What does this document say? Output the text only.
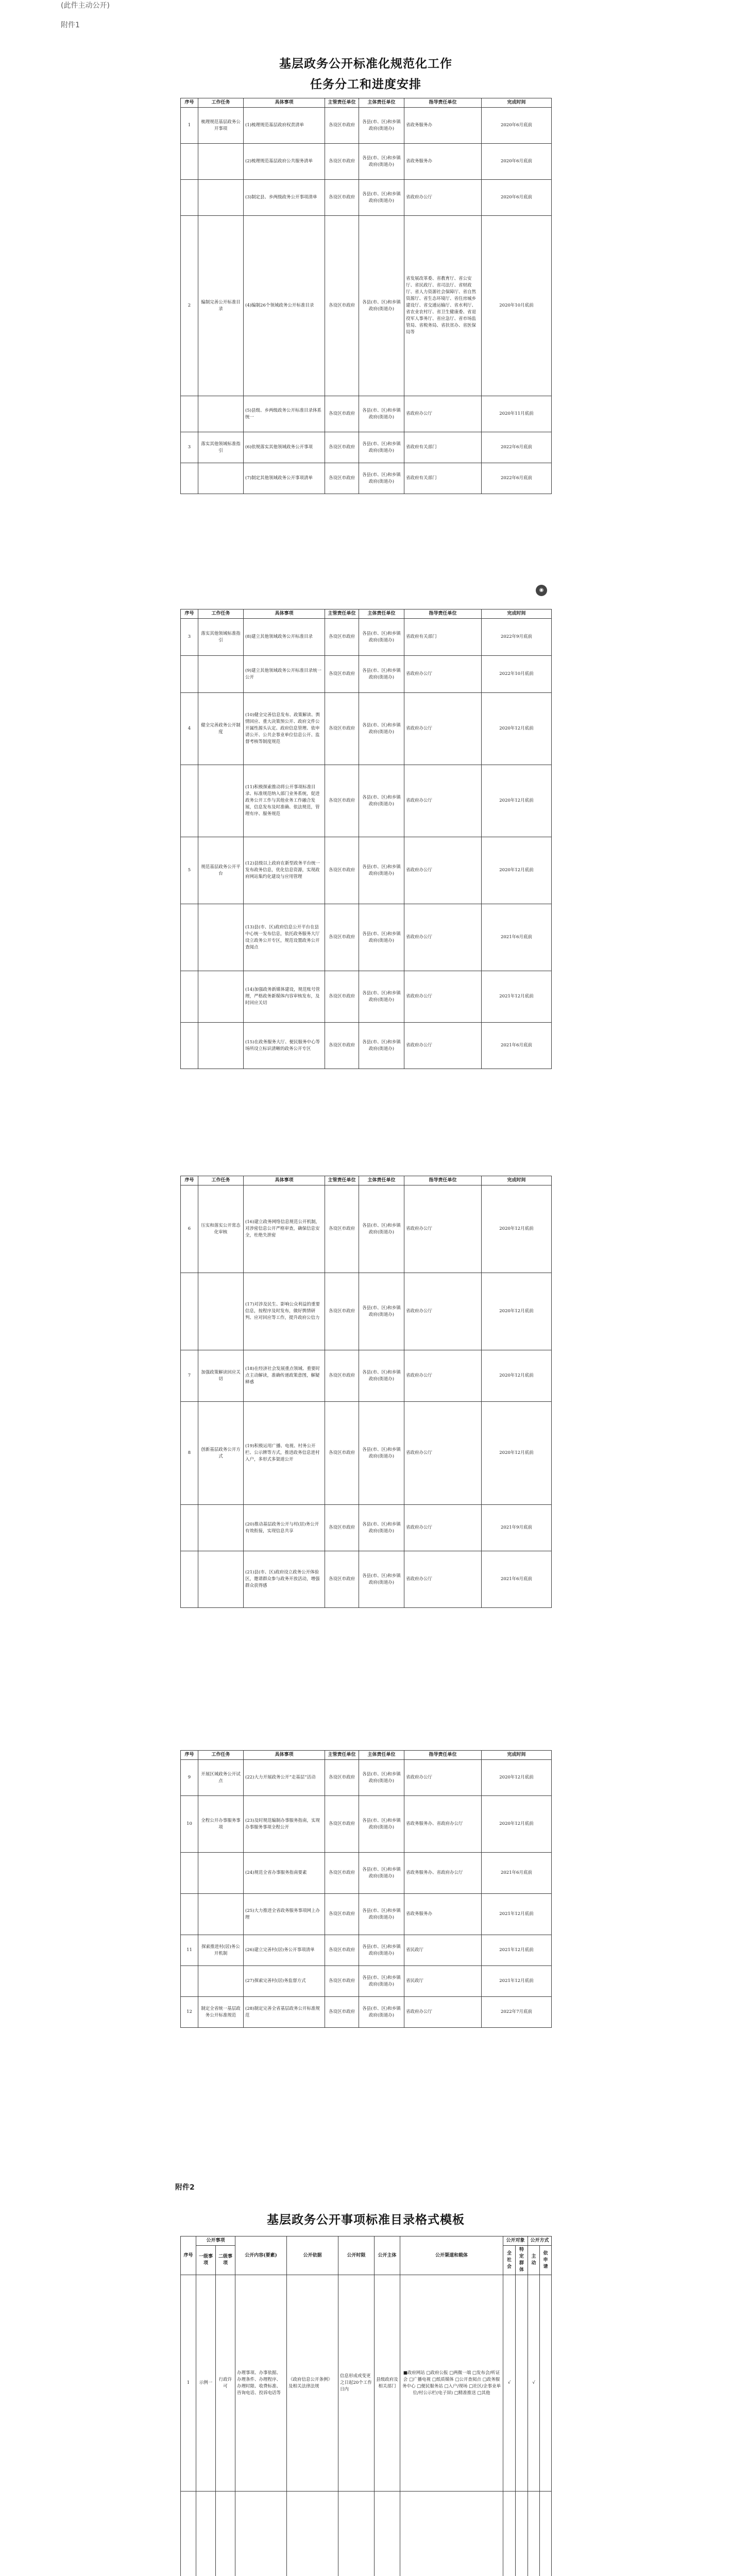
(此件主动公开)
附件1
基层政务公开标准化规范化工作
任务分工和进度安排
序号	工作任务	具体事项	主管责任单位	主体责任单位	指导责任单位	完成时间
1	梳理规范基层政务公开事项	(1)梳理规范基层政府权责清单	各设区市政府	各县(市、区)和乡镇政府(街道办)	省政务服务办	2020年6月底前
		(2)梳理规范基层政府公共服务清单	各设区市政府	各县(市、区)和乡镇政府(街道办)	省政务服务办	2020年6月底前
		(3)制定县、乡两级政务公开事项清单	各设区市政府	各县(市、区)和乡镇政府(街道办)	省政府办公厅	2020年6月底前
2	编制完善公开标准目录	(4)编制26个领域政务公开标准目录	各设区市政府	各县(市、区)和乡镇政府(街道办)	省发展改革委、省教育厅、省公安厅、省民政厅、省司法厅、省财政厅、省人力资源社会保障厅、省自然资源厅、省生态环境厅、省住房城乡建设厅、省交通运输厅、省水利厅、省农业农村厅、省卫生健康委、省退役军人事务厅、省应急厅、省市场监管局、省税务局、省扶贫办、省医保局等	2020年10月底前
		(5)县级、乡两级政务公开标准目录体系统一	各设区市政府	各县(市、区)和乡镇政府(街道办)	省政府办公厅	2020年11月底前
3	落实其他领域标准指引	(6)依规落实其他领域政务公开事项	各设区市政府	各县(市、区)和乡镇政府(街道办)	省政府有关部门	2022年6月底前
		(7)制定其他领域政务公开事项清单	各设区市政府	各县(市、区)和乡镇政府(街道办)	省政府有关部门	2022年6月底前
◉
序号	工作任务	具体事项	主管责任单位	主体责任单位	指导责任单位	完成时间
3	落实其他领域标准指引	(8)建立其他领域政务公开标准目录	各设区市政府	各县(市、区)和乡镇政府(街道办)	省政府有关部门	2022年9月底前
		(9)建立其他领域政务公开标准目录统一公开	各设区市政府	各县(市、区)和乡镇政府(街道办)	省政府办公厅	2022年10月底前
4	健全完善政务公开制度	(10)健全完善信息发布、政策解读、舆情回应、重大决策预公开、政府文件公开属性源头认定、政府信息管理、依申请公开、公共企事业单位信息公开、监督考核等制度规范	各设区市政府	各县(市、区)和乡镇政府(街道办)	省政府办公厅	2020年12月底前
		(11)积极探索推动将公开事项标准目录、标准规范纳入部门业务系统，促进政务公开工作与其他业务工作融合发展，信息发布及时准确、依法规范，管理有序、服务规范	各设区市政府	各县(市、区)和乡镇政府(街道办)	省政府办公厅	2020年12月底前
5	规范基层政务公开平台	(12)县级以上政府在新型政务平台统一发布政务信息，优化信息资源，实现政府网站集约化建设与应用管理	各设区市政府	各县(市、区)和乡镇政府(街道办)	省政府办公厅	2020年12月底前
		(13)县(市、区)政府信息公开平台在县中心统一发布信息，依托政务服务大厅设立政务公开专区，规范设置政务公开查阅点	各设区市政府	各县(市、区)和乡镇政府(街道办)	省政府办公厅	2021年6月底前
		(14)加强政务新媒体建设，规范账号管理，严格政务新媒体内容审核发布，及时回应关切	各设区市政府	各县(市、区)和乡镇政府(街道办)	省政府办公厅	2021年12月底前
		(15)在政务服务大厅、便民服务中心等场所设立标识清晰的政务公开专区	各设区市政府	各县(市、区)和乡镇政府(街道办)	省政府办公厅	2021年6月底前
序号	工作任务	具体事项	主管责任单位	主体责任单位	指导责任单位	完成时间
6	压实和落实公开常态化审核	(16)建立政务网络信息规范公开机制，对涉密信息公开严格审查，确保信息安全，杜绝失泄密	各设区市政府	各县(市、区)和乡镇政府(街道办)	省政府办公厅	2020年12月底前
		(17)对涉及民生、影响公众利益的重要信息，按程序及时发布，做好舆情研判、应对回应等工作，提升政府公信力	各设区市政府	各县(市、区)和乡镇政府(街道办)	省政府办公厅	2020年12月底前
7	加强政策解读回应关切	(18)在经济社会发展重点领域、重要时点主动解读，准确传递政策意图，解疑释惑	各设区市政府	各县(市、区)和乡镇政府(街道办)	省政府办公厅	2020年12月底前
8	创新基层政务公开方式	(19)积极运用广播、电视、村务公开栏、公示牌等方式，推进政务信息进村入户，多形式多渠道公开	各设区市政府	各县(市、区)和乡镇政府(街道办)	省政府办公厅	2020年12月底前
		(20)推动基层政务公开与村(居)务公开有效衔接，实现信息共享	各设区市政府	各县(市、区)和乡镇政府(街道办)	省政府办公厅	2021年9月底前
		(21)县(市、区)政府设立政务公开体验区，邀请群众参与政务开放活动，增强群众获得感	各设区市政府	各县(市、区)和乡镇政府(街道办)	省政府办公厅	2021年6月底前
序号	工作任务	具体事项	主管责任单位	主体责任单位	指导责任单位	完成时间
9	开展区域政务公开试点	(22)大力开展政务公开“走基层”活动	各设区市政府	各县(市、区)和乡镇政府(街道办)	省政府办公厅	2020年12月底前
10	全程公开办事服务事项	(23)及时规范编制办事服务指南，实现办事服务事项全程公开	各设区市政府	各县(市、区)和乡镇政府(街道办)	省政务服务办、省政府办公厅	2020年12月底前
		(24)规范全省办事服务指南要素	各设区市政府	各县(市、区)和乡镇政府(街道办)	省政务服务办、省政府办公厅	2021年6月底前
		(25)大力推进全省政务服务事项网上办理	各设区市政府	各县(市、区)和乡镇政府(街道办)	省政务服务办	2021年12月底前
11	探索推进村(居)务公开机制	(26)建立完善村(居)务公开事项清单	各设区市政府	各县(市、区)和乡镇政府(街道办)	省民政厅	2021年12月底前
		(27)探索完善村(居)务监督方式	各设区市政府	各县(市、区)和乡镇政府(街道办)	省民政厅	2021年12月底前
12	制定全省统一基层政务公开标准规范	(28)制定完善全省基层政务公开标准规范	各设区市政府	各县(市、区)和乡镇政府(街道办)	省政府办公厅	2022年7月底前
附件2
基层政务公开事项标准目录格式模板
序号	公开事项		公开内容(要素)	公开依据	公开时限	公开主体	公开渠道和载体	公开对象		公开方式	
	一级事项	二级事项						全社会	特定群体	主动	依申请
1	示例一	行政许可	办理事项、办事依据、办理条件、办理程序、办理时限、收费标准、咨询电话、投诉电话等	《政府信息公开条例》及相关法律法规	信息形成或变更之日起20个工作日内	县级政府及相关部门	■政府网站 □政府公报 □两微一端 □发布会/听证会 □广播电视 □纸质媒体 □公开查阅点 □政务服务中心 □便民服务站 □入户/现场 □社区/企事业单位/村公示栏(电子屏) □精准推送 □其他	√		√	
